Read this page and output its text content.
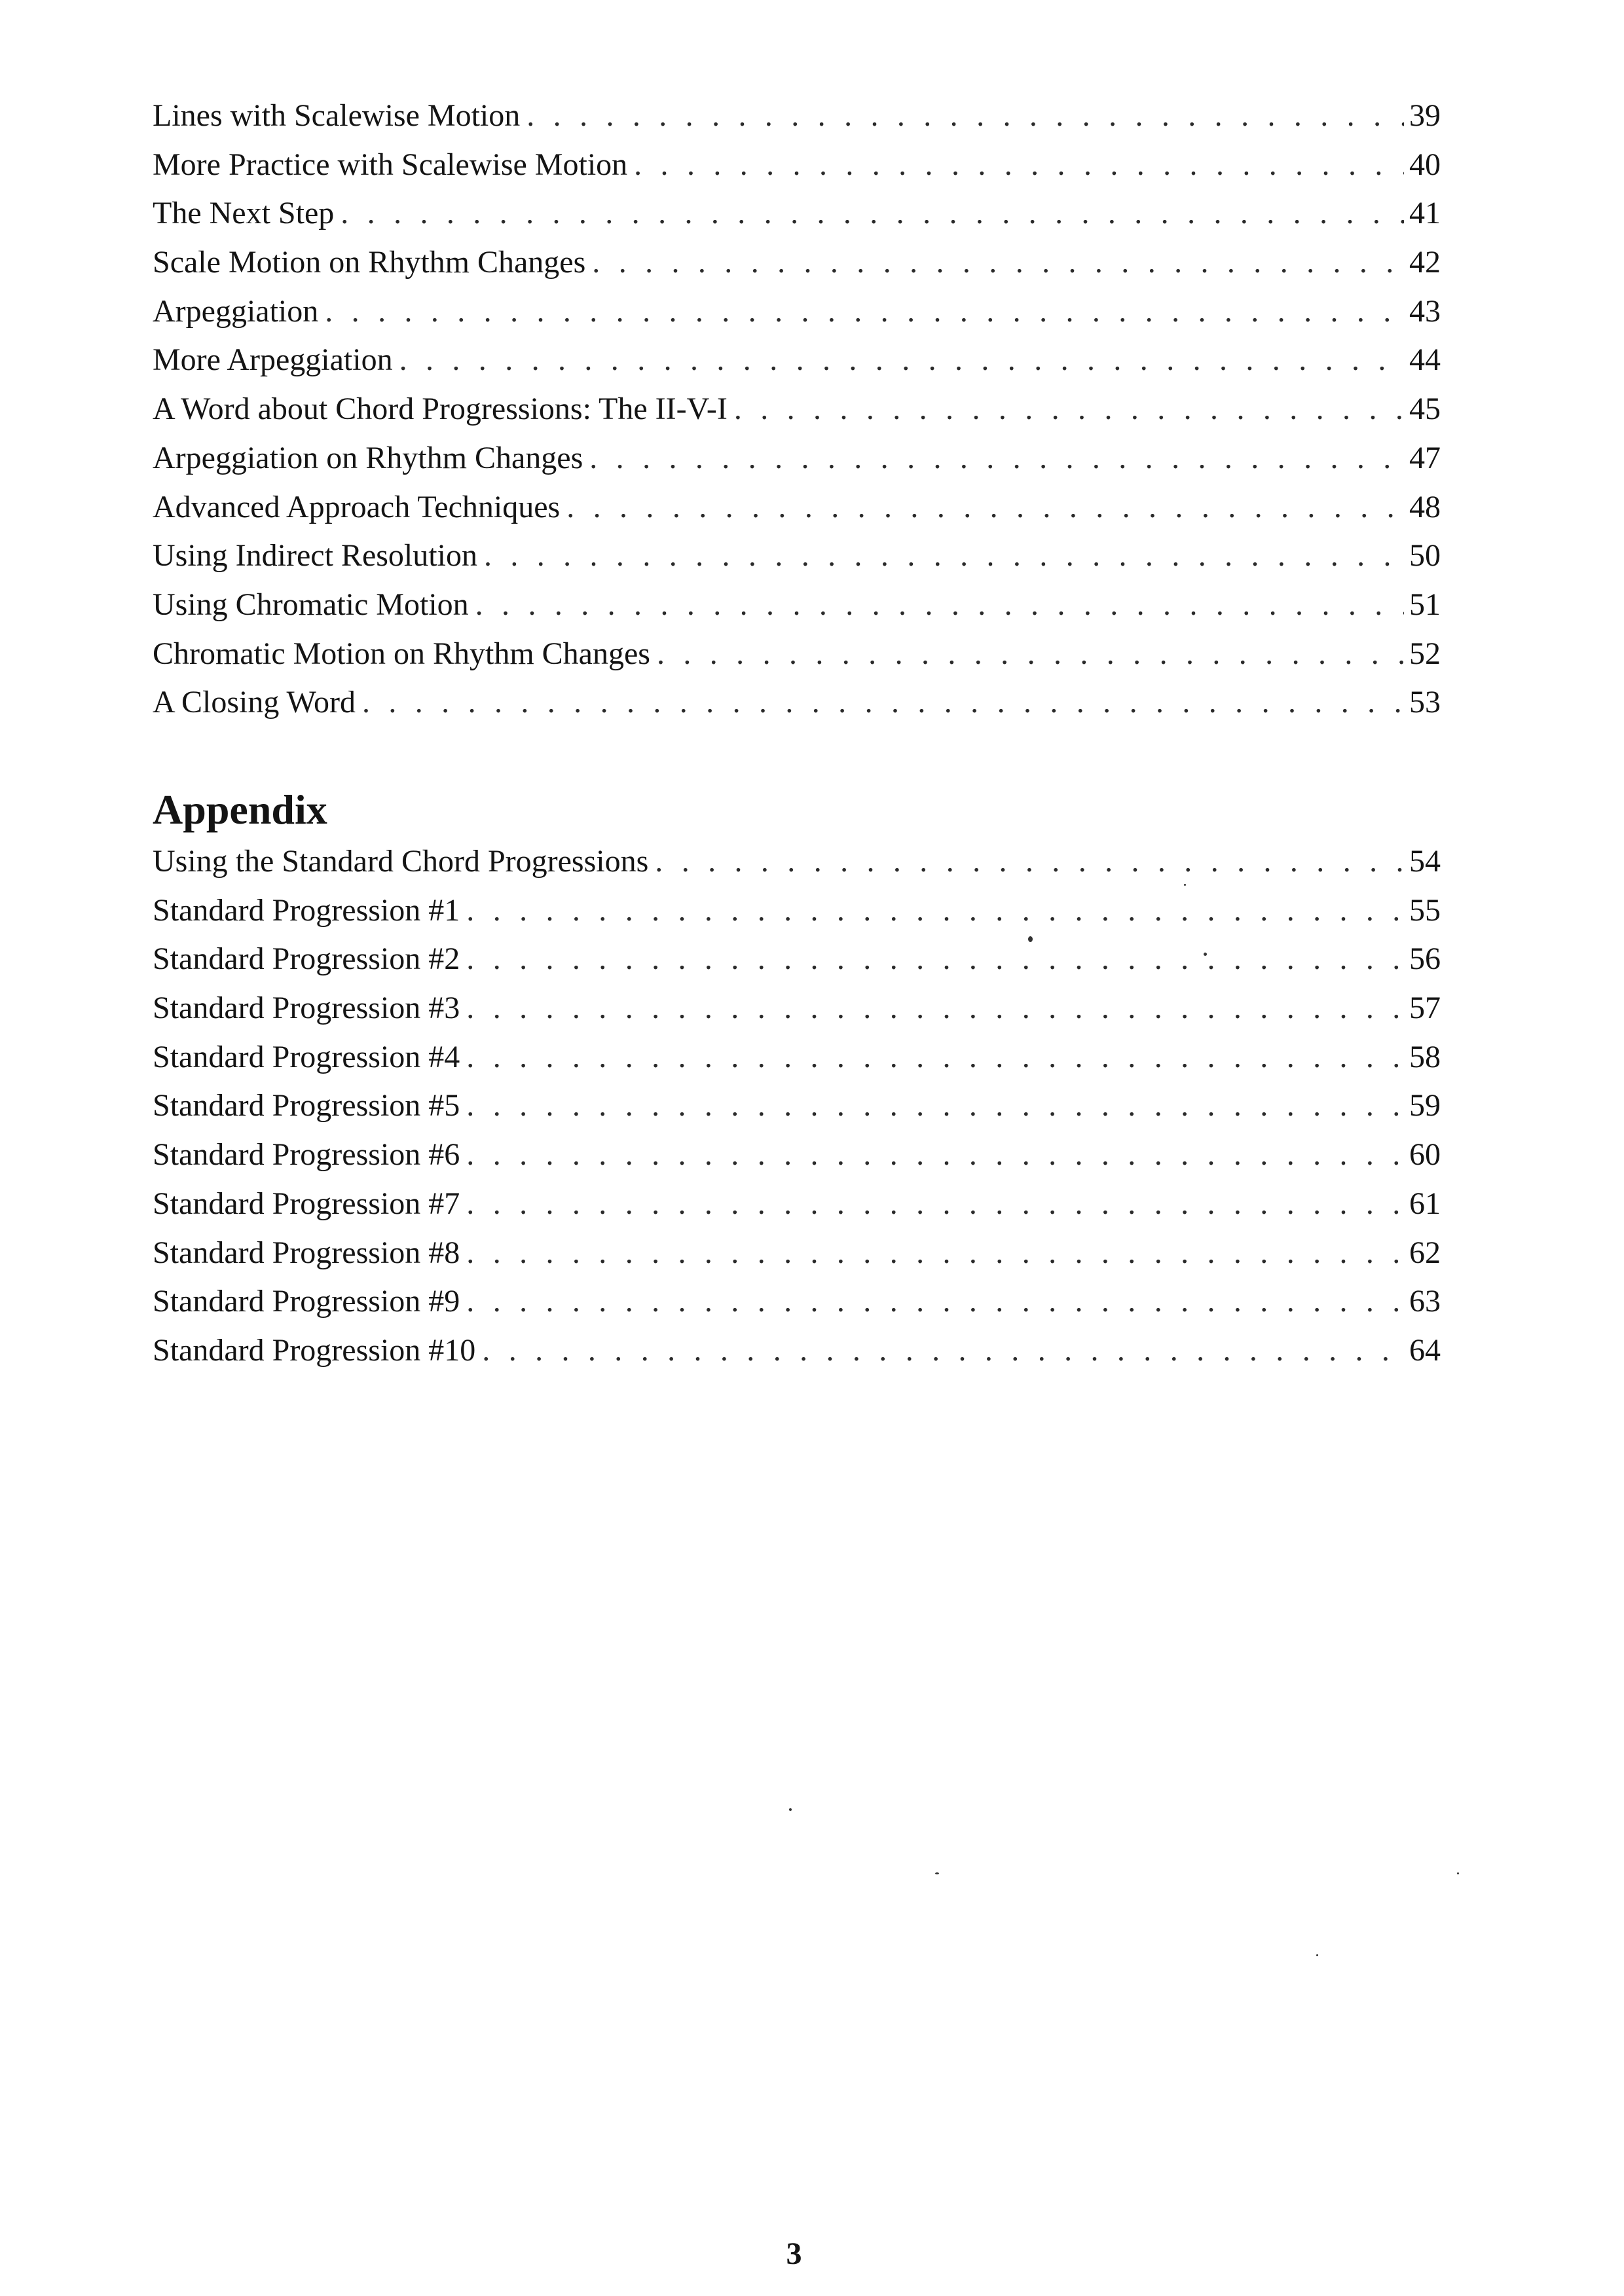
Lines with Scalewise Motion . . .	39
More Practice with Scalewise Motion . . .	40
The Next Step . . .	41
Scale Motion on Rhythm Changes . . .	42
Arpeggiation . . .	43
More Arpeggiation . . .	44
A Word about Chord Progressions: The II-V-I . . .	45
Arpeggiation on Rhythm Changes . . .	47
Advanced Approach Techniques . . .	48
Using Indirect Resolution . . .	50
Using Chromatic Motion . . .	51
Chromatic Motion on Rhythm Changes . . .	52
A Closing Word . . .	53
Appendix
Using the Standard Chord Progressions . . .	54
Standard Progression #1 . . .	55
Standard Progression #2 . . .	56
Standard Progression #3 . . .	57
Standard Progression #4 . . .	58
Standard Progression #5 . . .	59
Standard Progression #6 . . .	60
Standard Progression #7 . . .	61
Standard Progression #8 . . .	62
Standard Progression #9 . . .	63
Standard Progression #10 . . .	64
3
